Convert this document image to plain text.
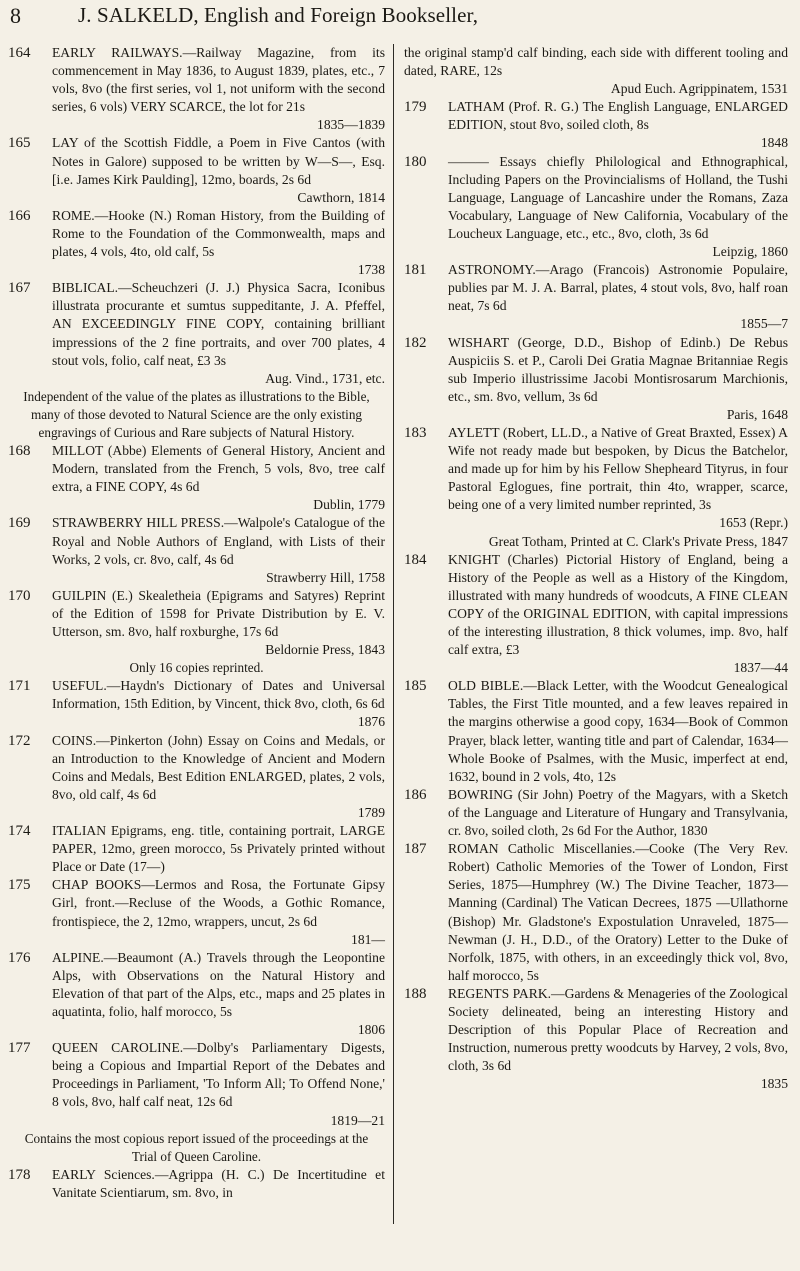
8	J. SALKELD, English and Foreign Bookseller,
164 EARLY RAILWAYS.—Railway Magazine, from its commencement in May 1836, to August 1839, plates, etc., 7 vols, 8vo (the first series, vol 1, not uniform with the second series, 6 vols) VERY SCARCE, the lot for 21s
1835—1839
165 LAY of the Scottish Fiddle, a Poem in Five Cantos (with Notes in Galore) supposed to be written by W—S—, Esq. [i.e. James Kirk Paulding], 12mo, boards, 2s 6d
Cawthorn, 1814
166 ROME.—Hooke (N.) Roman History, from the Building of Rome to the Foundation of the Commonwealth, maps and plates, 4 vols, 4to, old calf, 5s
1738
167 BIBLICAL.—Scheuchzeri (J. J.) Physica Sacra, Iconibus illustrata procurante et sumtus suppeditante, J. A. Pfeffel, AN EXCEEDINGLY FINE COPY, containing brilliant impressions of the 2 fine portraits, and over 700 plates, 4 stout vols, folio, calf neat, £3 3s
Aug. Vind., 1731, etc.
Independent of the value of the plates as illustrations to the Bible, many of those devoted to Natural Science are the only existing engravings of Curious and Rare subjects of Natural History.
168 MILLOT (Abbe) Elements of General History, Ancient and Modern, translated from the French, 5 vols, 8vo, tree calf extra, a FINE COPY, 4s 6d
Dublin, 1779
169 STRAWBERRY HILL PRESS.—Walpole's Catalogue of the Royal and Noble Authors of England, with Lists of their Works, 2 vols, cr. 8vo, calf, 4s 6d
Strawberry Hill, 1758
170 GUILPIN (E.) Skealetheia (Epigrams and Satyres) Reprint of the Edition of 1598 for Private Distribution by E. V. Utterson, sm. 8vo, half roxburghe, 17s 6d
Beldornie Press, 1843
Only 16 copies reprinted.
171 USEFUL.—Haydn's Dictionary of Dates and Universal Information, 15th Edition, by Vincent, thick 8vo, cloth, 6s 6d
1876
172 COINS.—Pinkerton (John) Essay on Coins and Medals, or an Introduction to the Knowledge of Ancient and Modern Coins and Medals, Best Edition ENLARGED, plates, 2 vols, 8vo, old calf, 4s 6d
1789
174 ITALIAN Epigrams, eng. title, containing portrait, LARGE PAPER, 12mo, green morocco, 5s Privately printed without Place or Date (17—)
175 CHAP BOOKS—Lermos and Rosa, the Fortunate Gipsy Girl, front.—Recluse of the Woods, a Gothic Romance, frontispiece, the 2, 12mo, wrappers, uncut, 2s 6d
181—
176 ALPINE.—Beaumont (A.) Travels through the Leopontine Alps, with Observations on the Natural History and Elevation of that part of the Alps, etc., maps and 25 plates in aquatinta, folio, half morocco, 5s
1806
177 QUEEN CAROLINE.—Dolby's Parliamentary Digests, being a Copious and Impartial Report of the Debates and Proceedings in Parliament, 'To Inform All; To Offend None,' 8 vols, 8vo, half calf neat, 12s 6d
1819—21
Contains the most copious report issued of the proceedings at the Trial of Queen Caroline.
178 EARLY Sciences.—Agrippa (H. C.) De Incertitudine et Vanitate Scientiarum, sm. 8vo, in
the original stamp'd calf binding, each side with different tooling and dated, RARE, 12s
Apud Euch. Agrippinatem, 1531
179 LATHAM (Prof. R. G.) The English Language, ENLARGED EDITION, stout 8vo, soiled cloth, 8s
1848
180 ——— Essays chiefly Philological and Ethnographical, Including Papers on the Provincialisms of Holland, the Tushi Language, Language of Lancashire under the Romans, Zaza Vocabulary, Language of New California, Vocabulary of the Loucheux Language, etc., etc., 8vo, cloth, 3s 6d
Leipzig, 1860
181 ASTRONOMY.—Arago (Francois) Astronomie Populaire, publies par M. J. A. Barral, plates, 4 stout vols, 8vo, half roan neat, 7s 6d
1855—7
182 WISHART (George, D.D., Bishop of Edinb.) De Rebus Auspiciis S. et P., Caroli Dei Gratia Magnae Britanniae Regis sub Imperio illustrissime Jacobi Montisrosarum Marchionis, etc., sm. 8vo, vellum, 3s 6d
Paris, 1648
183 AYLETT (Robert, LL.D., a Native of Great Braxted, Essex) A Wife not ready made but bespoken, by Dicus the Batchelor, and made up for him by his Fellow Shepheard Tityrus, in four Pastoral Eglogues, fine portrait, thin 4to, wrapper, scarce, being one of a very limited number reprinted, 3s
1653 (Repr.)
Great Totham, Printed at C. Clark's Private Press, 1847
184 KNIGHT (Charles) Pictorial History of England, being a History of the People as well as a History of the Kingdom, illustrated with many hundreds of woodcuts, A FINE CLEAN COPY of the ORIGINAL EDITION, with capital impressions of the interesting illustration, 8 thick volumes, imp. 8vo, half calf extra, £3
1837—44
185 OLD BIBLE.—Black Letter, with the Woodcut Genealogical Tables, the First Title mounted, and a few leaves repaired in the margins otherwise a good copy, 1634—Book of Common Prayer, black letter, wanting title and part of Calendar, 1634—Whole Booke of Psalmes, with the Music, imperfect at end, 1632, bound in 2 vols, 4to, 12s
186 BOWRING (Sir John) Poetry of the Magyars, with a Sketch of the Language and Literature of Hungary and Transylvania, cr. 8vo, soiled cloth, 2s 6d For the Author, 1830
187 ROMAN Catholic Miscellanies.—Cooke (The Very Rev. Robert) Catholic Memories of the Tower of London, First Series, 1875—Humphrey (W.) The Divine Teacher, 1873—Manning (Cardinal) The Vatican Decrees, 1875 —Ullathorne (Bishop) Mr. Gladstone's Expostulation Unraveled, 1875—Newman (J. H., D.D., of the Oratory) Letter to the Duke of Norfolk, 1875, with others, in an exceedingly thick vol, 8vo, half morocco, 5s
188 REGENTS PARK.—Gardens & Menageries of the Zoological Society delineated, being an interesting History and Description of this Popular Place of Recreation and Instruction, numerous pretty woodcuts by Harvey, 2 vols, 8vo, cloth, 3s 6d
1835
